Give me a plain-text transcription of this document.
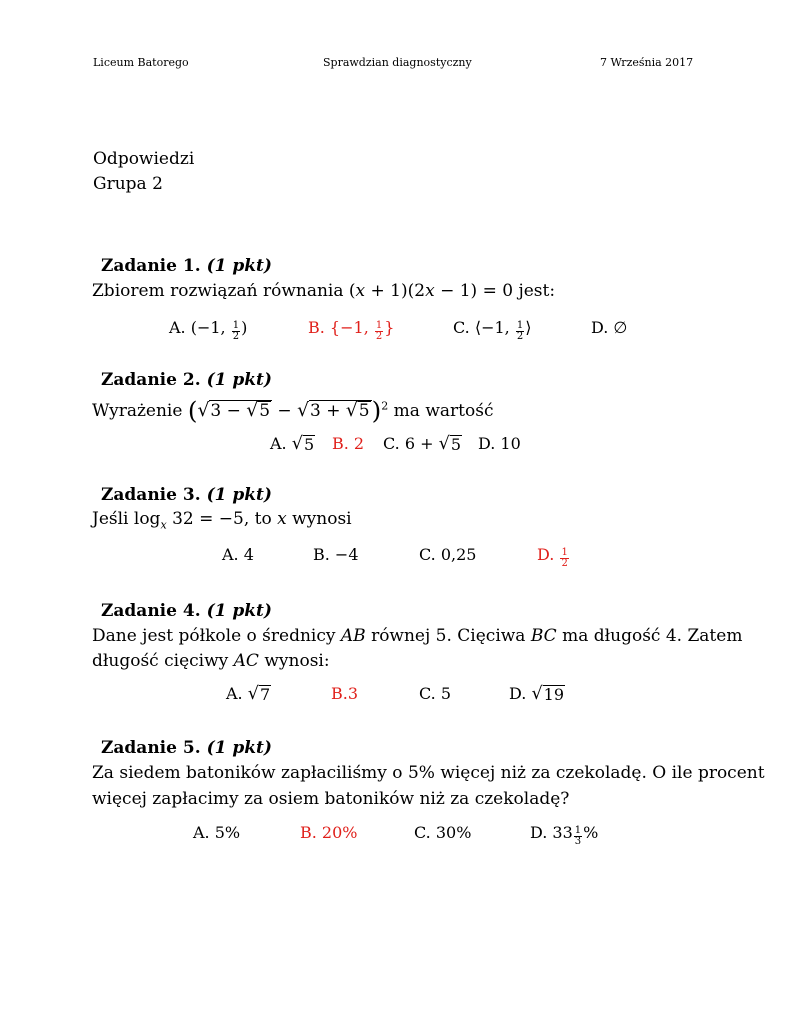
Liceum Batorego	Sprawdzian diagnostyczny	7 Września 2017
Odpowiedzi
Grupa 2
Zadanie 1. (1 pkt)
Zbiorem rozwiązań równania (x + 1)(2x − 1) = 0 jest:
A. (−1, $\frac{1}{2}$ )	B. {−1, $\frac{1}{2}$ }	C. ⟨−1, $\frac{1}{2}$ ⟩	D. ∅
Zadanie 2. (1 pkt)
Wyrażenie ( √ 3 − √ 5 − √ 3 + √ 5 )$^2$ ma wartość
A. √ 5 B. 2 C. 6 + √ 5 D. 10
Zadanie 3. (1 pkt)
Jeśli $\log_x 32 = -5$, to x wynosi
A. 4	B. −4	C. 0,25	D. $\frac{1}{2}$
Zadanie 4. (1 pkt)
Dane jest półkole o średnicy AB równej 5. Cięciwa BC ma długość 4. Zatem
długość cięciwy AC wynosi:
A. √ 7	B.3	C. 5	D. √ 19
Zadanie 5. (1 pkt)
Za siedem batoników zapłaciliśmy o 5% więcej niż za czekoladę. O ile procent
więcej zapłacimy za osiem batoników niż za czekoladę?
A. 5%	B. 20%	C. 30%	D. $33 \frac{1}{3}$ %
